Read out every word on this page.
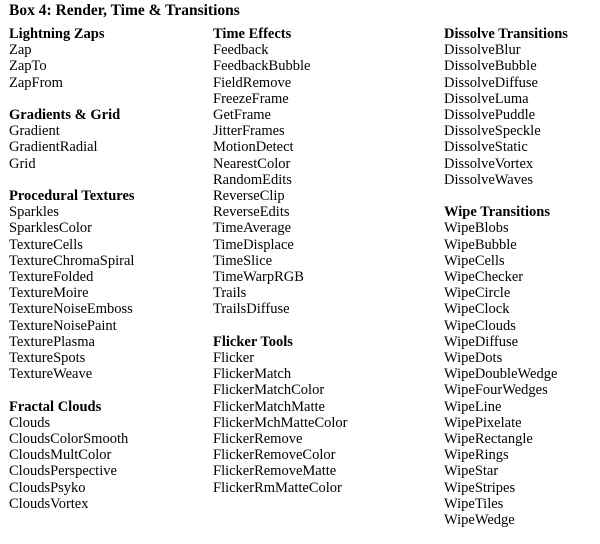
Box 4: Render, Time & Transitions
Lightning Zaps
Zap
ZapTo
ZapFrom
Gradients & Grid
Gradient
GradientRadial
Grid
Procedural Textures
Sparkles
SparklesColor
TextureCells
TextureChromaSpiral
TextureFolded
TextureMoire
TextureNoiseEmboss
TextureNoisePaint
TexturePlasma
TextureSpots
TextureWeave
Fractal Clouds
Clouds
CloudsColorSmooth
CloudsMultColor
CloudsPerspective
CloudsPsyko
CloudsVortex
Time Effects
Feedback
FeedbackBubble
FieldRemove
FreezeFrame
GetFrame
JitterFrames
MotionDetect
NearestColor
RandomEdits
ReverseClip
ReverseEdits
TimeAverage
TimeDisplace
TimeSlice
TimeWarpRGB
Trails
TrailsDiffuse
Flicker Tools
Flicker
FlickerMatch
FlickerMatchColor
FlickerMatchMatte
FlickerMchMatteColor
FlickerRemove
FlickerRemoveColor
FlickerRemoveMatte
FlickerRmMatteColor
Dissolve Transitions
DissolveBlur
DissolveBubble
DissolveDiffuse
DissolveLuma
DissolvePuddle
DissolveSpeckle
DissolveStatic
DissolveVortex
DissolveWaves
Wipe Transitions
WipeBlobs
WipeBubble
WipeCells
WipeChecker
WipeCircle
WipeClock
WipeClouds
WipeDiffuse
WipeDots
WipeDoubleWedge
WipeFourWedges
WipeLine
WipePixelate
WipeRectangle
WipeRings
WipeStar
WipeStripes
WipeTiles
WipeWedge
